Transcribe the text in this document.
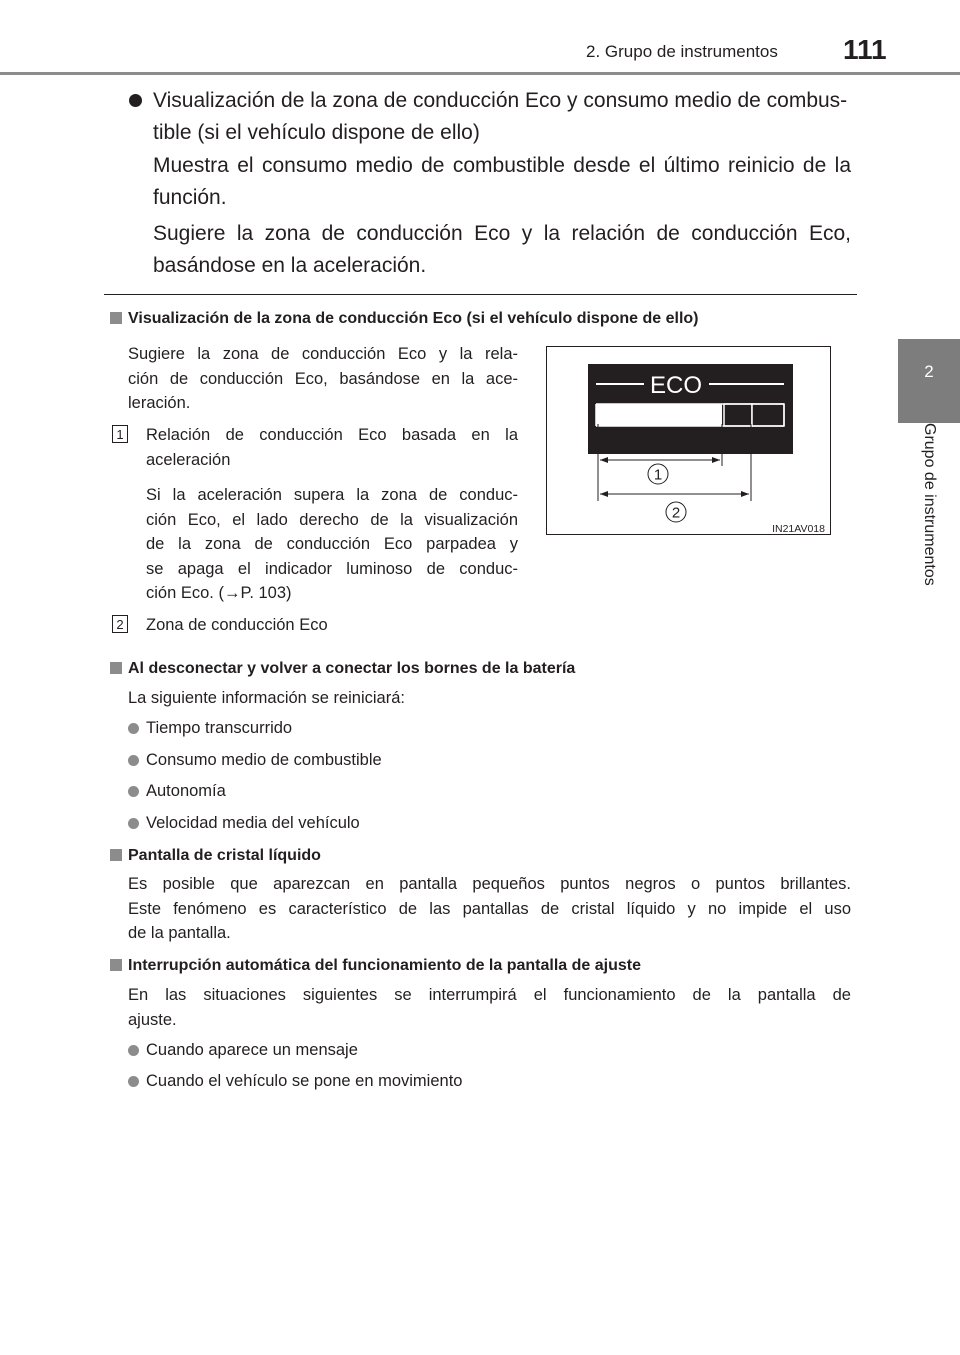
2. Grupo de instrumentos 111
2
Grupo de instrumentos
Visualización de la zona de conducción Eco y consumo medio de combus-
tible (si el vehículo dispone de ello)
Muestra el consumo medio de combustible desde el último reinicio de la
función.
Sugiere la zona de conducción Eco y la relación de conducción Eco,
basándose en la aceleración.
Visualización de la zona de conducción Eco (si el vehículo dispone de ello)
Sugiere la zona de conducción Eco y la rela-
ción de conducción Eco, basándose en la ace-
leración.
1 Relación de conducción Eco basada en la
aceleración
Si la aceleración supera la zona de conduc-
ción Eco, el lado derecho de la visualización
de la zona de conducción Eco parpadea y
se apaga el indicador luminoso de conduc-
ción Eco. (→P. 103)
2 Zona de conducción Eco
ECO
1
2
IN21AV018
Al desconectar y volver a conectar los bornes de la batería
La siguiente información se reiniciará:
Tiempo transcurrido
Consumo medio de combustible
Autonomía
Velocidad media del vehículo
Pantalla de cristal líquido
Es posible que aparezcan en pantalla pequeños puntos negros o puntos brillantes.
Este fenómeno es característico de las pantallas de cristal líquido y no impide el uso
de la pantalla.
Interrupción automática del funcionamiento de la pantalla de ajuste
En las situaciones siguientes se interrumpirá el funcionamiento de la pantalla de
ajuste.
Cuando aparece un mensaje
Cuando el vehículo se pone en movimiento
